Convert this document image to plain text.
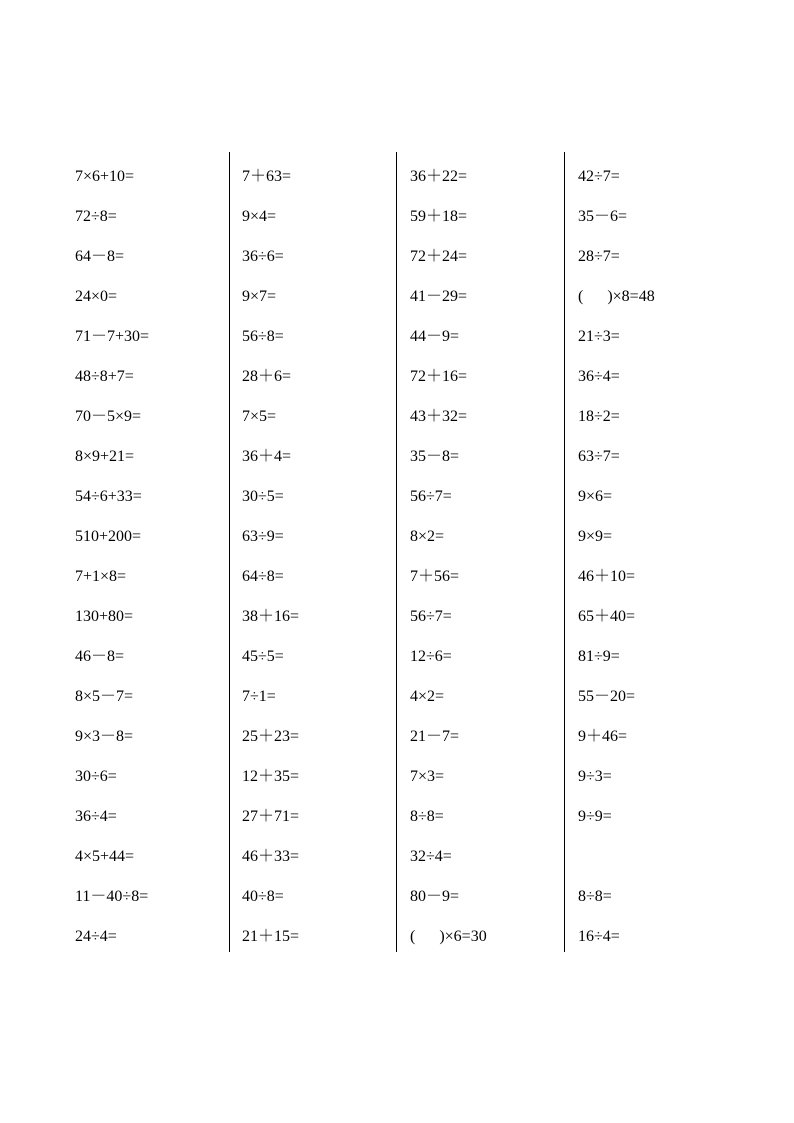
7×6+10=
72÷8=
64－8=
24×0=
71－7+30=
48÷8+7=
70－5×9=
8×9+21=
54÷6+33=
510+200=
7+1×8=
130+80=
46－8=
8×5－7=
9×3－8=
30÷6=
36÷4=
4×5+44=
11－40÷8=
24÷4=
7＋63=
9×4=
36÷6=
9×7=
56÷8=
28＋6=
7×5=
36＋4=
30÷5=
63÷9=
64÷8=
38＋16=
45÷5=
7÷1=
25＋23=
12＋35=
27＋71=
46＋33=
40÷8=
21＋15=
36＋22=
59＋18=
72＋24=
41－29=
44－9=
72＋16=
43＋32=
35－8=
56÷7=
8×2=
7＋56=
56÷7=
12÷6=
4×2=
21－7=
7×3=
8÷8=
32÷4=
80－9=
(      )×6=30
42÷7=
35－6=
28÷7=
(      )×8=48
21÷3=
36÷4=
18÷2=
63÷7=
9×6=
9×9=
46＋10=
65＋40=
81÷9=
55－20=
9＋46=
9÷3=
9÷9=
8÷8=
16÷4=
